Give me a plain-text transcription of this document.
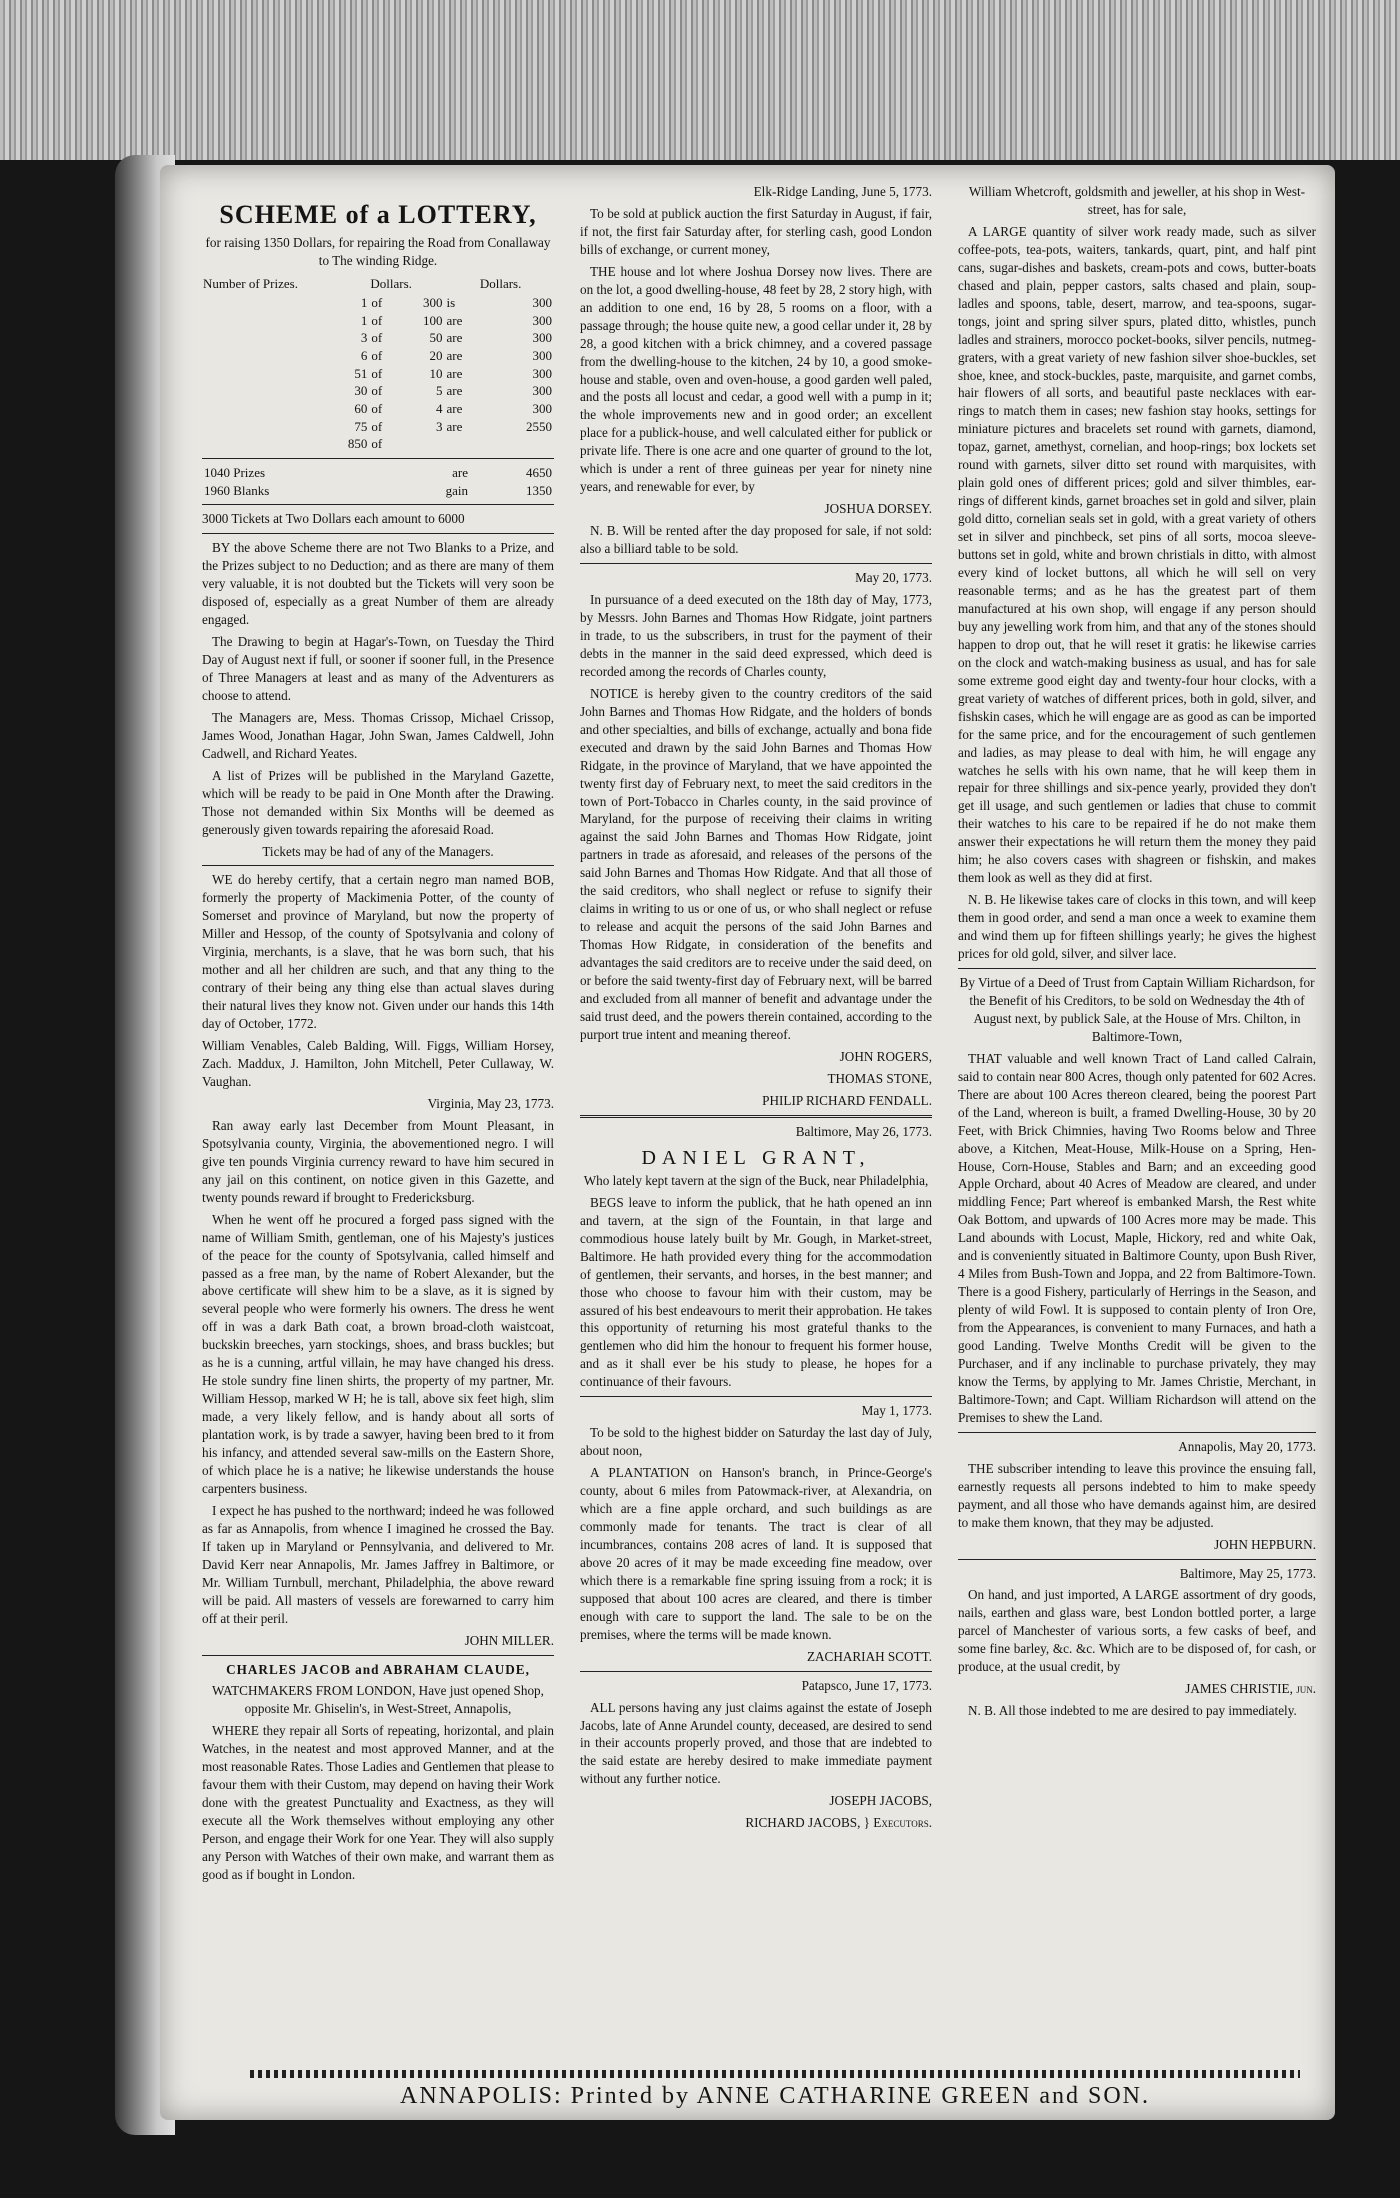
SCHEME of a LOTTERY,

for raising 1350 Dollars, for repairing the Road from Conallaway to The winding Ridge.

Number of Prizes.	Dollars.			Dollars.
1	of	300	is	300
1	of	100	are	300
3	of	50	are	300
6	of	20	are	300
51	of	10	are	300
30	of	5	are	300
60	of	4	are	300
75	of	3	are	2550
850	of			
1040 Prizes	are	4650
1960 Blanks	gain	1350

3000 Tickets at Two Dollars each amount to 6000

BY the above Scheme there are not Two Blanks to a Prize, and the Prizes subject to no Deduction; and as there are many of them very valuable, it is not doubted but the Tickets will very soon be disposed of, especially as a great Number of them are already engaged.

The Drawing to begin at Hagar's-Town, on Tuesday the Third Day of August next if full, or sooner if sooner full, in the Presence of Three Managers at least and as many of the Adventurers as choose to attend.

The Managers are, Mess. Thomas Crissop, Michael Crissop, James Wood, Jonathan Hagar, John Swan, James Caldwell, John Cadwell, and Richard Yeates.

A list of Prizes will be published in the Maryland Gazette, which will be ready to be paid in One Month after the Drawing. Those not demanded within Six Months will be deemed as generously given towards repairing the aforesaid Road.

Tickets may be had of any of the Managers.

WE do hereby certify, that a certain negro man named BOB, formerly the property of Mackimenia Potter, of the county of Somerset and province of Maryland, but now the property of Miller and Hessop, of the county of Spotsylvania and colony of Virginia, merchants, is a slave, that he was born such, that his mother and all her children are such, and that any thing to the contrary of their being any thing else than actual slaves during their natural lives they know not. Given under our hands this 14th day of October, 1772.

William Venables, Caleb Balding, Will. Figgs, William Horsey, Zach. Maddux, J. Hamilton, John Mitchell, Peter Cullaway, W. Vaughan.

Virginia, May 23, 1773.

Ran away early last December from Mount Pleasant, in Spotsylvania county, Virginia, the abovementioned negro. I will give ten pounds Virginia currency reward to have him secured in any jail on this continent, on notice given in this Gazette, and twenty pounds reward if brought to Fredericksburg.

When he went off he procured a forged pass signed with the name of William Smith, gentleman, one of his Majesty's justices of the peace for the county of Spotsylvania, called himself and passed as a free man, by the name of Robert Alexander, but the above certificate will shew him to be a slave, as it is signed by several people who were formerly his owners. The dress he went off in was a dark Bath coat, a brown broad-cloth waistcoat, buckskin breeches, yarn stockings, shoes, and brass buckles; but as he is a cunning, artful villain, he may have changed his dress. He stole sundry fine linen shirts, the property of my partner, Mr. William Hessop, marked W H; he is tall, above six feet high, slim made, a very likely fellow, and is handy about all sorts of plantation work, is by trade a sawyer, having been bred to it from his infancy, and attended several saw-mills on the Eastern Shore, of which place he is a native; he likewise understands the house carpenters business.

I expect he has pushed to the northward; indeed he was followed as far as Annapolis, from whence I imagined he crossed the Bay. If taken up in Maryland or Pennsylvania, and delivered to Mr. David Kerr near Annapolis, Mr. James Jaffrey in Baltimore, or Mr. William Turnbull, merchant, Philadelphia, the above reward will be paid. All masters of vessels are forewarned to carry him off at their peril.

JOHN MILLER.

CHARLES JACOB and ABRAHAM CLAUDE,

WATCHMAKERS FROM LONDON, Have just opened Shop, opposite Mr. Ghiselin's, in West-Street, Annapolis,

WHERE they repair all Sorts of repeating, horizontal, and plain Watches, in the neatest and most approved Manner, and at the most reasonable Rates. Those Ladies and Gentlemen that please to favour them with their Custom, may depend on having their Work done with the greatest Punctuality and Exactness, as they will execute all the Work themselves without employing any other Person, and engage their Work for one Year. They will also supply any Person with Watches of their own make, and warrant them as good as if bought in London.

Elk-Ridge Landing, June 5, 1773.

To be sold at publick auction the first Saturday in August, if fair, if not, the first fair Saturday after, for sterling cash, good London bills of exchange, or current money,

THE house and lot where Joshua Dorsey now lives. There are on the lot, a good dwelling-house, 48 feet by 28, 2 story high, with an addition to one end, 16 by 28, 5 rooms on a floor, with a passage through; the house quite new, a good cellar under it, 28 by 28, a good kitchen with a brick chimney, and a covered passage from the dwelling-house to the kitchen, 24 by 10, a good smoke-house and stable, oven and oven-house, a good garden well paled, and the posts all locust and cedar, a good well with a pump in it; the whole improvements new and in good order; an excellent place for a publick-house, and well calculated either for publick or private life. There is one acre and one quarter of ground to the lot, which is under a rent of three guineas per year for ninety nine years, and renewable for ever, by

JOSHUA DORSEY.

N. B. Will be rented after the day proposed for sale, if not sold: also a billiard table to be sold.

May 20, 1773.

In pursuance of a deed executed on the 18th day of May, 1773, by Messrs. John Barnes and Thomas How Ridgate, joint partners in trade, to us the subscribers, in trust for the payment of their debts in the manner in the said deed expressed, which deed is recorded among the records of Charles county,

NOTICE is hereby given to the country creditors of the said John Barnes and Thomas How Ridgate, and the holders of bonds and other specialties, and bills of exchange, actually and bona fide executed and drawn by the said John Barnes and Thomas How Ridgate, in the province of Maryland, that we have appointed the twenty first day of February next, to meet the said creditors in the town of Port-Tobacco in Charles county, in the said province of Maryland, for the purpose of receiving their claims in writing against the said John Barnes and Thomas How Ridgate, joint partners in trade as aforesaid, and releases of the persons of the said John Barnes and Thomas How Ridgate. And that all those of the said creditors, who shall neglect or refuse to signify their claims in writing to us or one of us, or who shall neglect or refuse to release and acquit the persons of the said John Barnes and Thomas How Ridgate, in consideration of the benefits and advantages the said creditors are to receive under the said deed, on or before the said twenty-first day of February next, will be barred and excluded from all manner of benefit and advantage under the said trust deed, and the powers therein contained, according to the purport true intent and meaning thereof.

JOHN ROGERS,

THOMAS STONE,

PHILIP RICHARD FENDALL.

Baltimore, May 26, 1773.

DANIEL GRANT,

Who lately kept tavern at the sign of the Buck, near Philadelphia,

BEGS leave to inform the publick, that he hath opened an inn and tavern, at the sign of the Fountain, in that large and commodious house lately built by Mr. Gough, in Market-street, Baltimore. He hath provided every thing for the accommodation of gentlemen, their servants, and horses, in the best manner; and those who choose to favour him with their custom, may be assured of his best endeavours to merit their approbation. He takes this opportunity of returning his most grateful thanks to the gentlemen who did him the honour to frequent his former house, and as it shall ever be his study to please, he hopes for a continuance of their favours.

May 1, 1773.

To be sold to the highest bidder on Saturday the last day of July, about noon,

A PLANTATION on Hanson's branch, in Prince-George's county, about 6 miles from Patowmack-river, at Alexandria, on which are a fine apple orchard, and such buildings as are commonly made for tenants. The tract is clear of all incumbrances, contains 208 acres of land. It is supposed that above 20 acres of it may be made exceeding fine meadow, over which there is a remarkable fine spring issuing from a rock; it is supposed that about 100 acres are cleared, and there is timber enough with care to support the land. The sale to be on the premises, where the terms will be made known.

ZACHARIAH SCOTT.

Patapsco, June 17, 1773.

ALL persons having any just claims against the estate of Joseph Jacobs, late of Anne Arundel county, deceased, are desired to send in their accounts properly proved, and those that are indebted to the said estate are hereby desired to make immediate payment without any further notice.

JOSEPH JACOBS,

RICHARD JACOBS, } Executors.

William Whetcroft, goldsmith and jeweller, at his shop in West-street, has for sale,

A LARGE quantity of silver work ready made, such as silver coffee-pots, tea-pots, waiters, tankards, quart, pint, and half pint cans, sugar-dishes and baskets, cream-pots and cows, butter-boats chased and plain, pepper castors, salts chased and plain, soup-ladles and spoons, table, desert, marrow, and tea-spoons, sugar-tongs, joint and spring silver spurs, plated ditto, whistles, punch ladles and strainers, morocco pocket-books, silver pencils, nutmeg-graters, with a great variety of new fashion silver shoe-buckles, set shoe, knee, and stock-buckles, paste, marquisite, and garnet combs, hair flowers of all sorts, and beautiful paste necklaces with ear-rings to match them in cases; new fashion stay hooks, settings for miniature pictures and bracelets set round with garnets, diamond, topaz, garnet, amethyst, cornelian, and hoop-rings; box lockets set round with garnets, silver ditto set round with marquisites, with plain gold ones of different prices; gold and silver thimbles, ear-rings of different kinds, garnet broaches set in gold and silver, plain gold ditto, cornelian seals set in gold, with a great variety of others set in silver and pinchbeck, set pins of all sorts, mocoa sleeve-buttons set in gold, white and brown christials in ditto, with almost every kind of locket buttons, all which he will sell on very reasonable terms; and as he has the greatest part of them manufactured at his own shop, will engage if any person should buy any jewelling work from him, and that any of the stones should happen to drop out, that he will reset it gratis: he likewise carries on the clock and watch-making business as usual, and has for sale some extreme good eight day and twenty-four hour clocks, with a great variety of watches of different prices, both in gold, silver, and fishskin cases, which he will engage are as good as can be imported for the same price, and for the encouragement of such gentlemen and ladies, as may please to deal with him, he will engage any watches he sells with his own name, that he will keep them in repair for three shillings and six-pence yearly, provided they don't get ill usage, and such gentlemen or ladies that chuse to commit their watches to his care to be repaired if he do not make them answer their expectations he will return them the money they paid him; he also covers cases with shagreen or fishskin, and makes them look as well as they did at first.

N. B. He likewise takes care of clocks in this town, and will keep them in good order, and send a man once a week to examine them and wind them up for fifteen shillings yearly; he gives the highest prices for old gold, silver, and silver lace.

By Virtue of a Deed of Trust from Captain William Richardson, for the Benefit of his Creditors, to be sold on Wednesday the 4th of August next, by publick Sale, at the House of Mrs. Chilton, in Baltimore-Town,

THAT valuable and well known Tract of Land called Calrain, said to contain near 800 Acres, though only patented for 602 Acres. There are about 100 Acres thereon cleared, being the poorest Part of the Land, whereon is built, a framed Dwelling-House, 30 by 20 Feet, with Brick Chimnies, having Two Rooms below and Three above, a Kitchen, Meat-House, Milk-House on a Spring, Hen-House, Corn-House, Stables and Barn; and an exceeding good Apple Orchard, about 40 Acres of Meadow are cleared, and under middling Fence; Part whereof is embanked Marsh, the Rest white Oak Bottom, and upwards of 100 Acres more may be made. This Land abounds with Locust, Maple, Hickory, red and white Oak, and is conveniently situated in Baltimore County, upon Bush River, 4 Miles from Bush-Town and Joppa, and 22 from Baltimore-Town. There is a good Fishery, particularly of Herrings in the Season, and plenty of wild Fowl. It is supposed to contain plenty of Iron Ore, from the Appearances, is convenient to many Furnaces, and hath a good Landing. Twelve Months Credit will be given to the Purchaser, and if any inclinable to purchase privately, they may know the Terms, by applying to Mr. James Christie, Merchant, in Baltimore-Town; and Capt. William Richardson will attend on the Premises to shew the Land.

Annapolis, May 20, 1773.

THE subscriber intending to leave this province the ensuing fall, earnestly requests all persons indebted to him to make speedy payment, and all those who have demands against him, are desired to make them known, that they may be adjusted.

JOHN HEPBURN.

Baltimore, May 25, 1773.

On hand, and just imported, A LARGE assortment of dry goods, nails, earthen and glass ware, best London bottled porter, a large parcel of Manchester of various sorts, a few casks of beef, and some fine barley, &c. &c. Which are to be disposed of, for cash, or produce, at the usual credit, by

JAMES CHRISTIE, jun.

N. B. All those indebted to me are desired to pay immediately.

ANNAPOLIS: Printed by ANNE CATHARINE GREEN and SON.
